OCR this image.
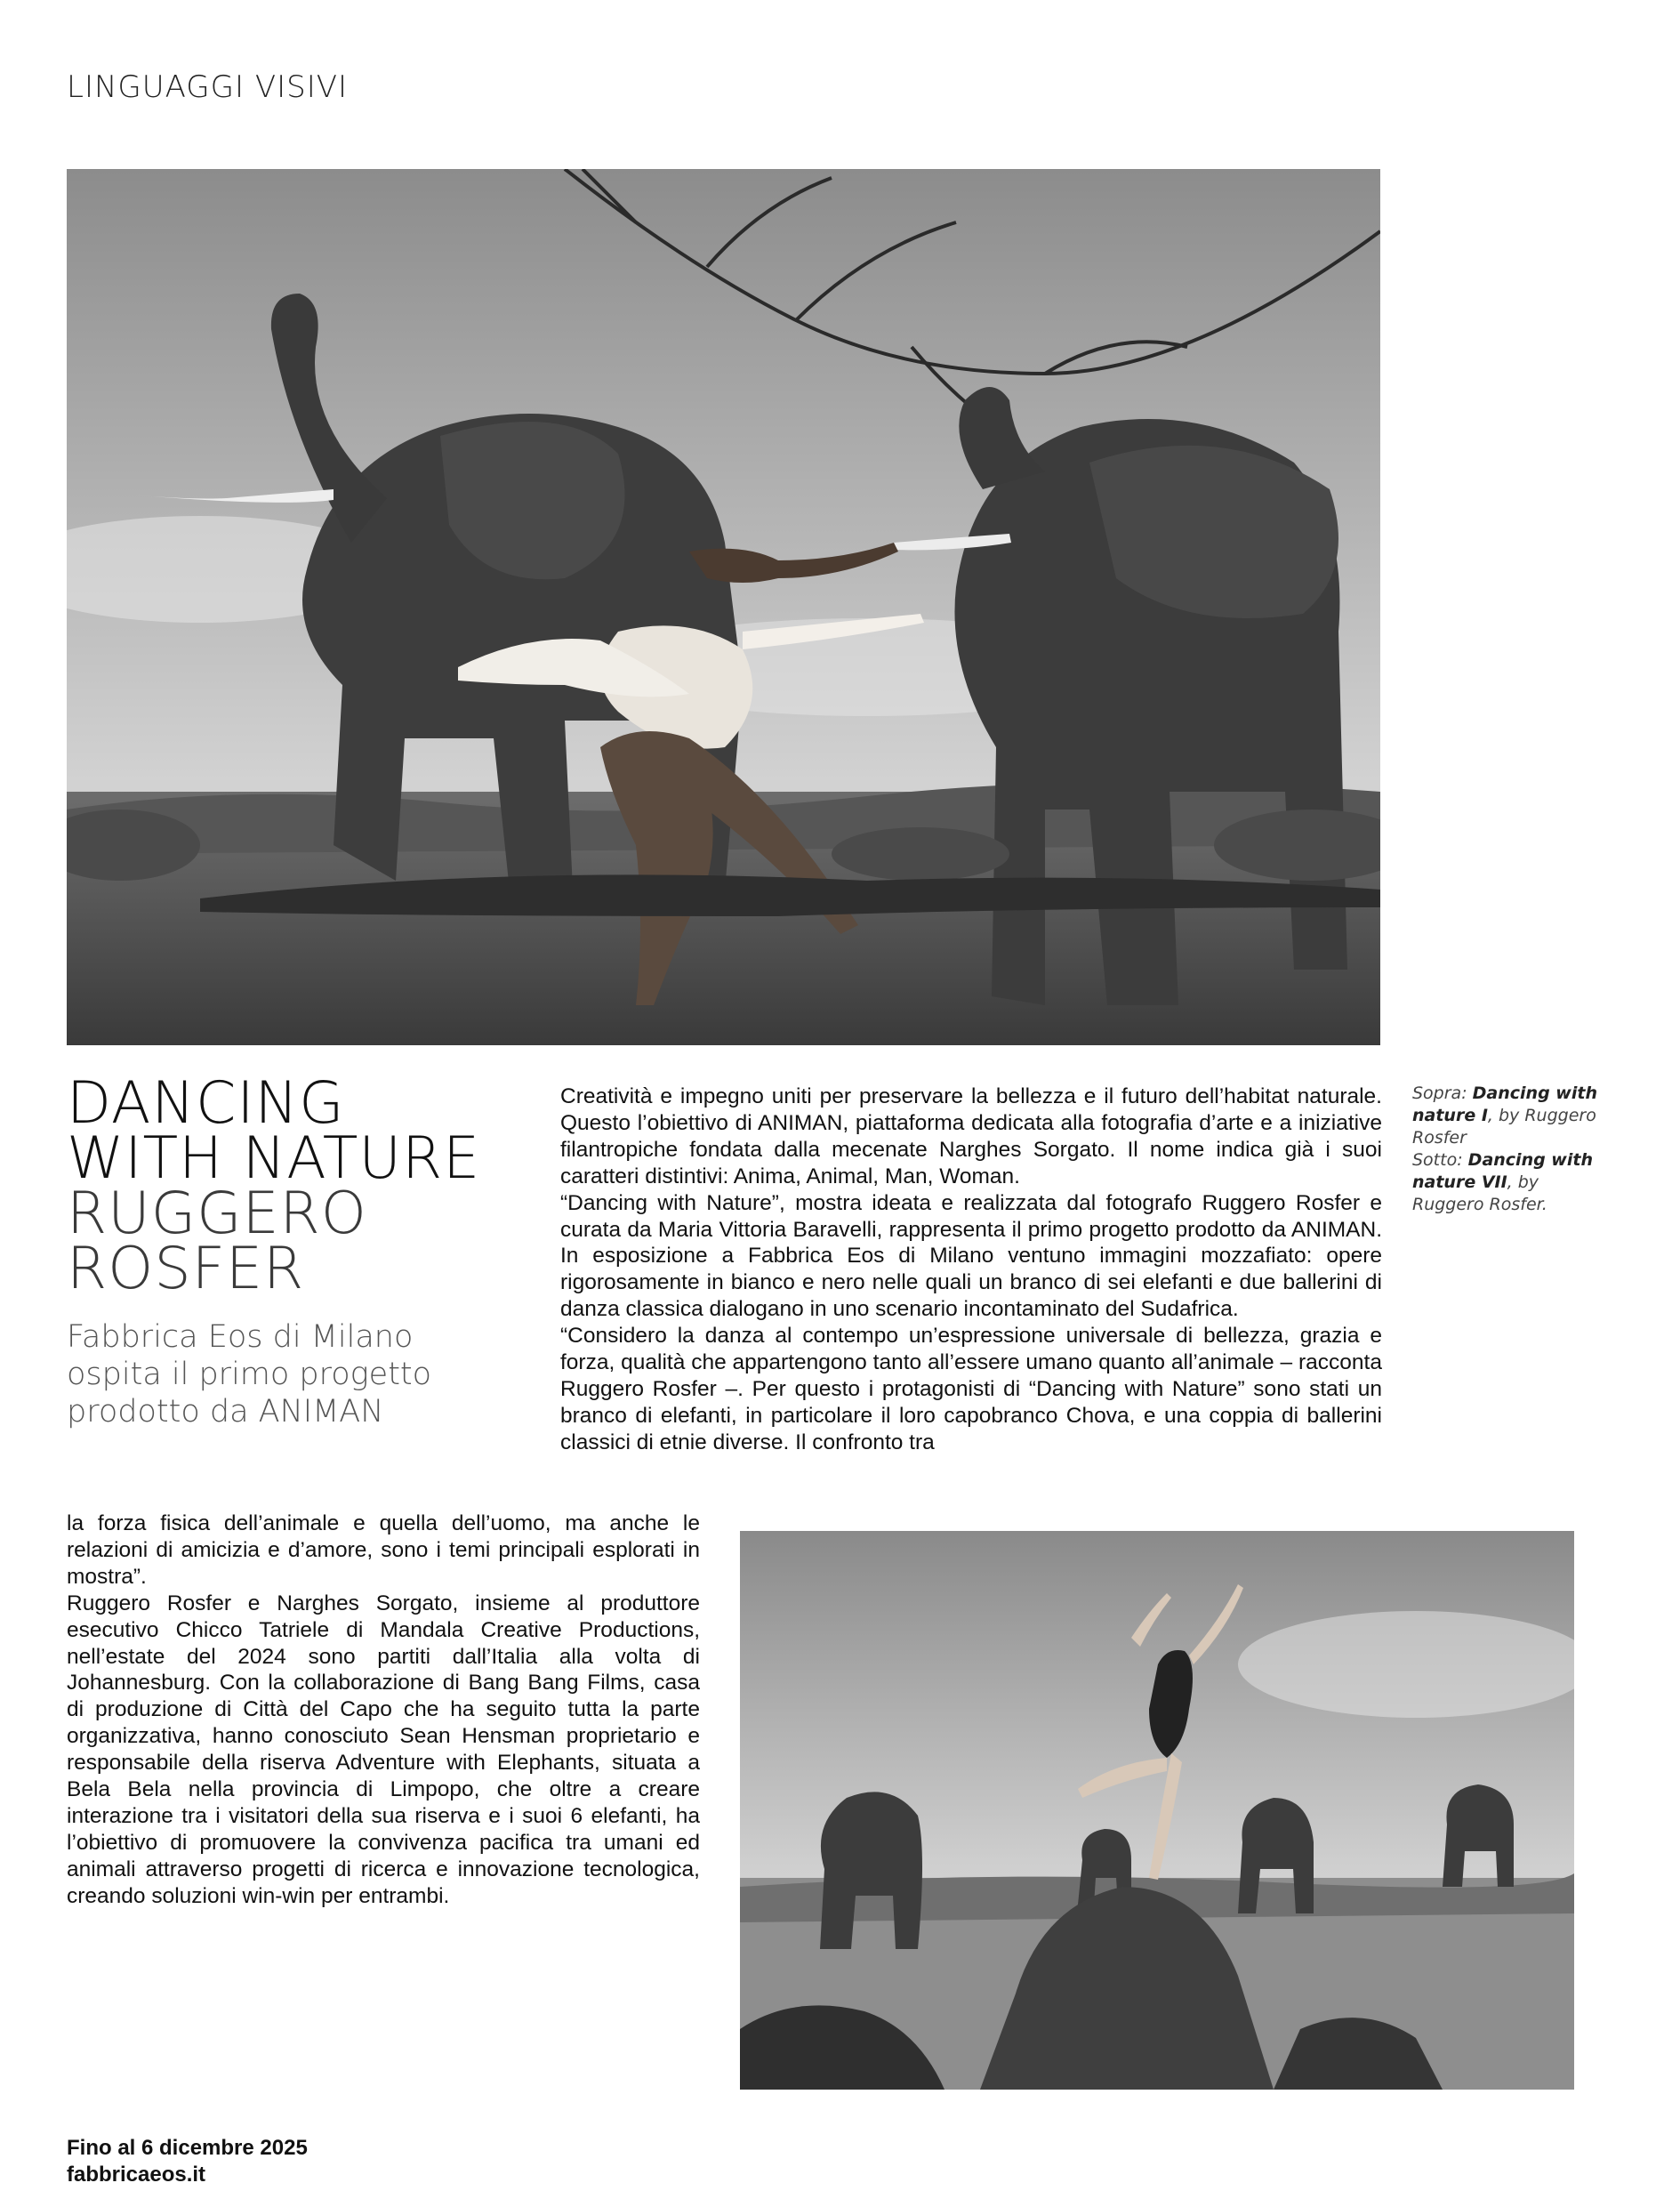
LINGUAGGI VISIVI
DANCING
WITH NATURE
RUGGERO
ROSFER
Fabbrica Eos di Milano ospita il primo progetto prodotto da ANIMAN
Sopra: Dancing with nature I, by Ruggero Rosfer
Sotto: Dancing with nature VII, by Ruggero Rosfer.

Creatività e impegno uniti per preservare la bellezza e il futuro dell’habitat naturale. Questo l’obiettivo di ANIMAN, piattaforma dedicata alla fotografia d’arte e a iniziative filantropiche fondata dalla mecenate Narghes Sorgato. Il nome indica già i suoi caratteri distintivi: Anima, Animal, Man, Woman.

“Dancing with Nature”, mostra ideata e realizzata dal fotografo Ruggero Rosfer e curata da Maria Vittoria Baravelli, rappresenta il primo progetto prodotto da ANIMAN. In esposizione a Fabbrica Eos di Milano ventuno immagini mozzafiato: opere rigorosamente in bianco e nero nelle quali un branco di sei elefanti e due ballerini di danza classica dialogano in uno scenario incontaminato del Sudafrica.

“Considero la danza al contempo un’espressione universale di bellezza, grazia e forza, qualità che appartengono tanto all’essere umano quanto all’animale – racconta Ruggero Rosfer –. Per questo i protagonisti di “Dancing with Nature” sono stati un branco di elefanti, in particolare il loro capobranco Chova, e una coppia di ballerini classici di etnie diverse. Il confronto tra

la forza fisica dell’animale e quella dell’uomo, ma anche le relazioni di amicizia e d’amore, sono i temi principali esplorati in mostra”.

Ruggero Rosfer e Narghes Sorgato, insieme al produttore esecutivo Chicco Tatriele di Mandala Creative Productions, nell’estate del 2024 sono partiti dall’Italia alla volta di Johannesburg. Con la collaborazione di Bang Bang Films, casa di produzione di Città del Capo che ha seguito tutta la parte organizzativa, hanno conosciuto Sean Hensman proprietario e responsabile della riserva Adventure with Elephants, situata a Bela Bela nella provincia di Limpopo, che oltre a creare interazione tra i visitatori della sua riserva e i suoi 6 elefanti, ha l’obiettivo di promuovere la convivenza pacifica tra umani ed animali attraverso progetti di ricerca e innovazione tecnologica, creando soluzioni win-win per entrambi.

Fino al 6 dicembre 2025
fabbricaeos.it
